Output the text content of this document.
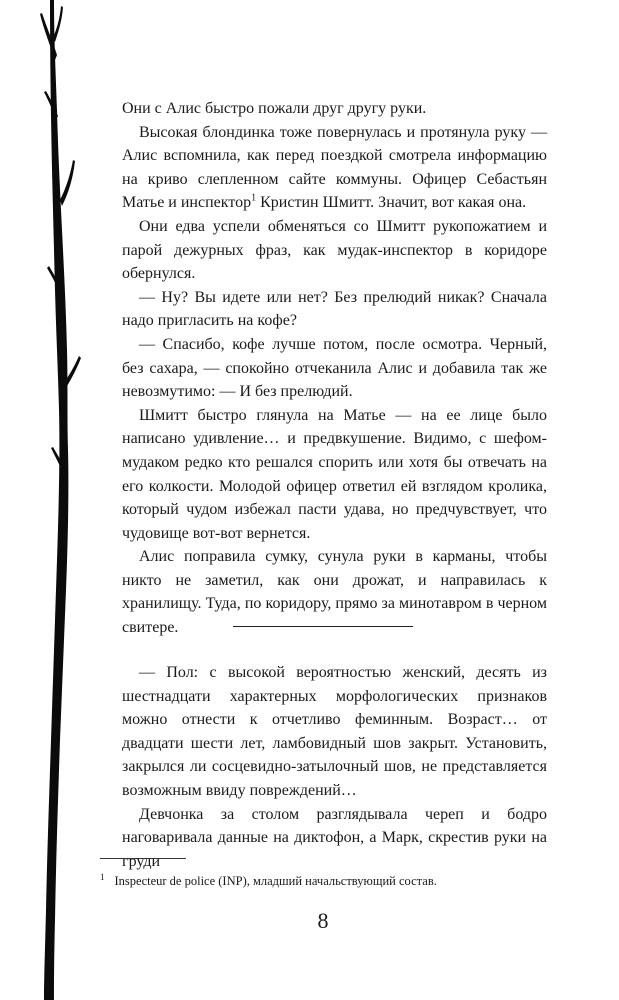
Они с Алис быстро пожали друг другу руки.

Высокая блондинка тоже повернулась и протянула руку — Алис вспомнила, как перед поездкой смотрела информацию на криво слепленном сайте коммуны. Офицер Себастьян Матье и инспектор$^1$ Кристин Шмитт. Значит, вот какая она.

Они едва успели обменяться со Шмитт рукопожатием и парой дежурных фраз, как мудак-инспектор в коридоре обернулся.

— Ну? Вы идете или нет? Без прелюдий никак? Сначала надо пригласить на кофе?

— Спасибо, кофе лучше потом, после осмотра. Черный, без сахара, — спокойно отчеканила Алис и добавила так же невозмутимо: — И без прелюдий.

Шмитт быстро глянула на Матье — на ее лице было написано удивление… и предвкушение. Видимо, с шефом-мудаком редко кто решался спорить или хотя бы отвечать на его колкости. Молодой офицер ответил ей взглядом кролика, который чудом избежал пасти удава, но предчувствует, что чудовище вот-вот вернется.

Алис поправила сумку, сунула руки в карманы, чтобы никто не заметил, как они дрожат, и направилась к хранилищу. Туда, по коридору, прямо за минотавром в черном свитере.

— Пол: с высокой вероятностью женский, десять из шестнадцати характерных морфологических признаков можно отнести к отчетливо феминным. Возраст… от двадцати шести лет, ламбовидный шов закрыт. Установить, закрылся ли сосцевидно-затылочный шов, не представляется возможным ввиду повреждений…

Девчонка за столом разглядывала череп и бодро наговаривала данные на диктофон, а Марк, скрестив руки на груди

$^1$ Inspecteur de police (INP), младший начальствующий состав.
8
